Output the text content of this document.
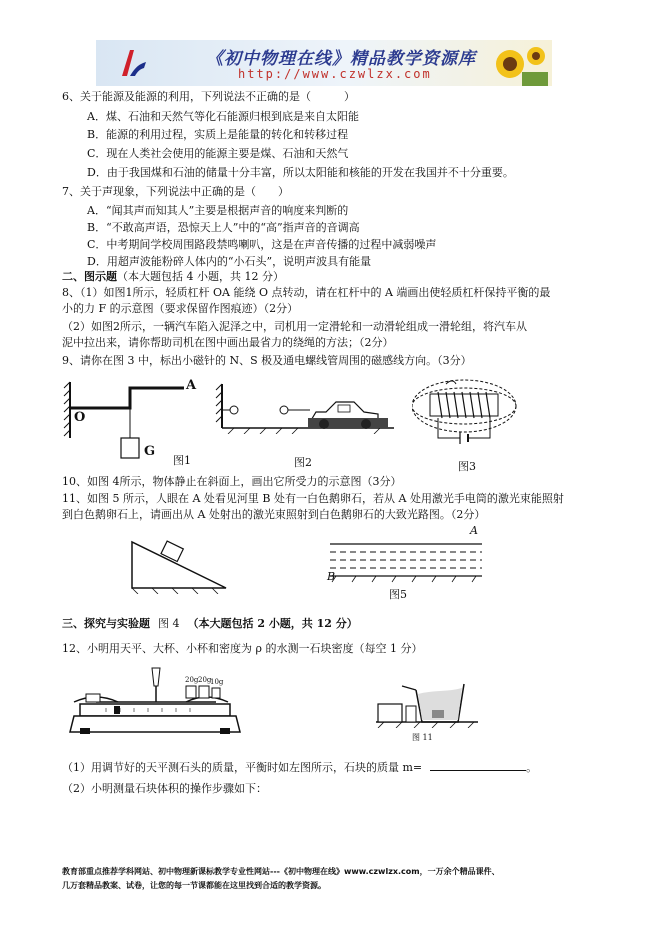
《初中物理在线》精品教学资源库
http://www.czwlzx.com
6、关于能源及能源的利用，下列说法不正确的是（　　　）
A．煤、石油和天然气等化石能源归根到底是来自太阳能
B．能源的利用过程，实质上是能量的转化和转移过程
C．现在人类社会使用的能源主要是煤、石油和天然气
D．由于我国煤和石油的储量十分丰富，所以太阳能和核能的开发在我国并不十分重要。
7、关于声现象，下列说法中正确的是（　　）
A．“闻其声而知其人”主要是根据声音的响度来判断的
B．“不敢高声语，恐惊天上人”中的“高”指声音的音调高
C．中考期间学校周围路段禁鸣喇叭，这是在声音传播的过程中减弱噪声
D．用超声波能粉碎人体内的“小石头”，说明声波具有能量
二、图示题（本大题包括 4 小题，共 12 分）
8、（1）如图1所示，轻质杠杆 OA 能绕 O 点转动，请在杠杆中的 A 端画出使轻质杠杆保持平衡的最
小的力 F 的示意图（要求保留作图痕迹）（2分）
（2）如图2所示，一辆汽车陷入泥泽之中，司机用一定滑轮和一动滑轮组成一滑轮组，将汽车从
泥中拉出来，请你帮助司机在图中画出最省力的绕绳的方法；（2分）
9、请你在图 3 中，标出小磁针的 N、S 极及通电螺线管周围的磁感线方向。（3分）
A
O
G
图1	图2	图3
10、如图 4所示，物体静止在斜面上，画出它所受力的示意图（3分）
11、如图 5 所示，人眼在 A 处看见河里 B 处有一白色鹅卵石，若从 A 处用激光手电筒的激光束能照射
到白色鹅卵石上，请画出从 A 处射出的激光束照射到白色鹅卵石的大致光路图。（2分）
A
B
图5
三、探究与实验题 图 4 （本大题包括 2 小题，共 12 分）
12、小明用天平、大杯、小杯和密度为 ρ 的水测一石块密度（每空 1 分）
20g 20g
10g
图 11
（1）用调节好的天平测石头的质量，平衡时如左图所示，石块的质量 m=	。
（2）小明测量石块体积的操作步骤如下：
教育部重点推荐学科网站、初中物理新课标教学专业性网站---《初中物理在线》www.czwlzx.com，一万余个精品课件、
几万套精品教案、试卷，让您的每一节课都能在这里找到合适的教学资源。
